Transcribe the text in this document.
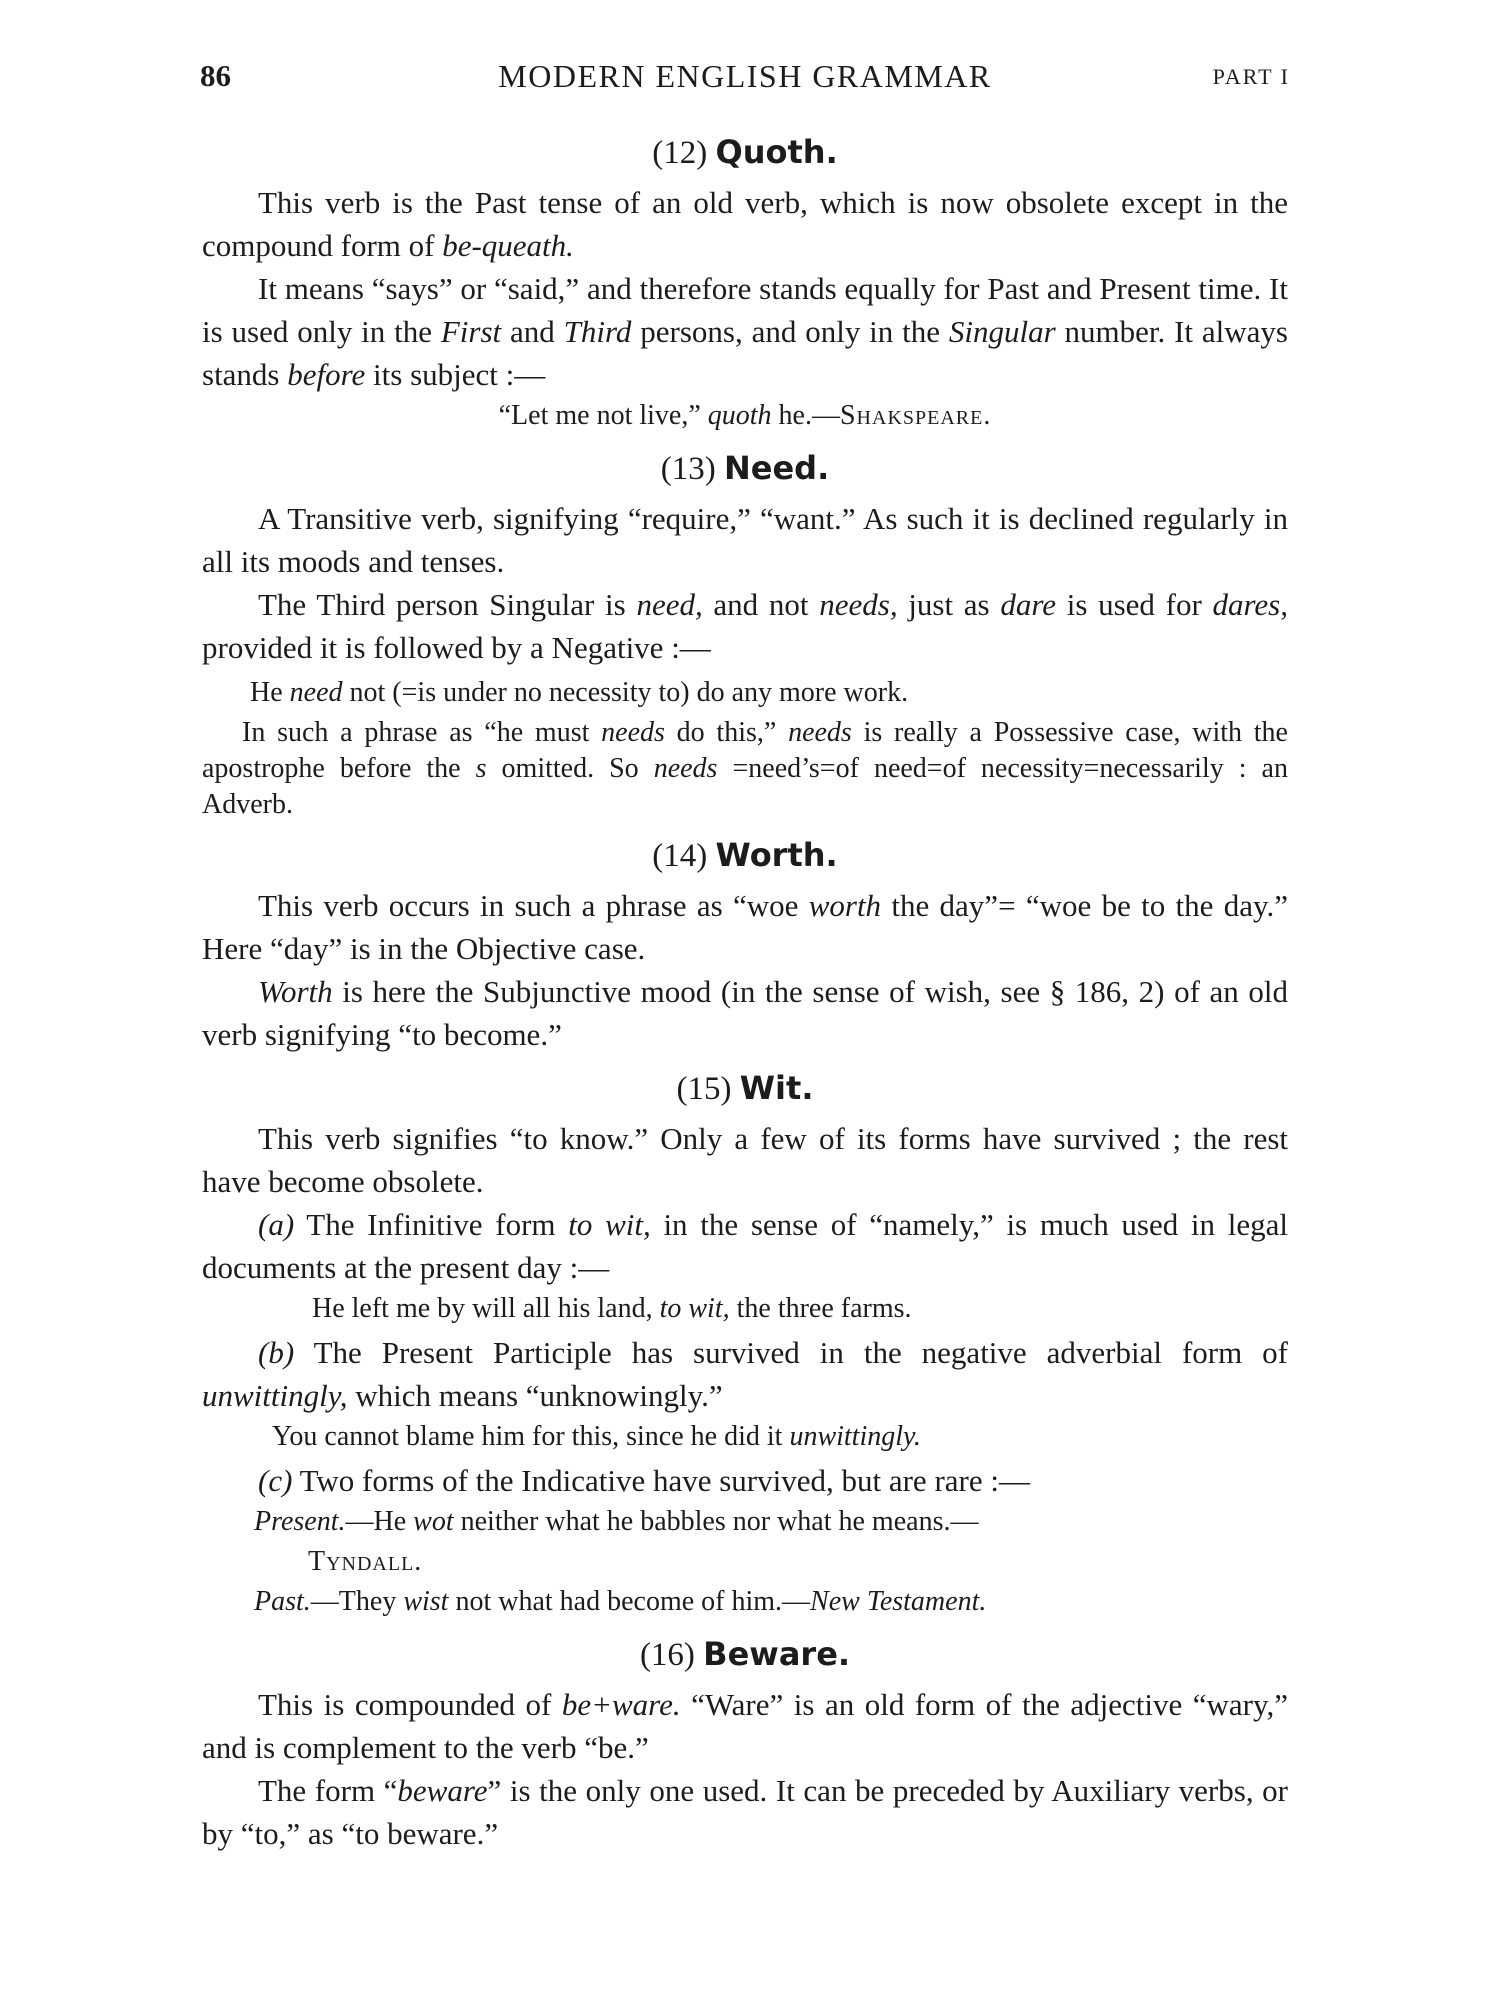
86	MODERN ENGLISH GRAMMAR	PART I
(12) Quoth.

This verb is the Past tense of an old verb, which is now obsolete except in the compound form of be-queath.

It means “says” or “said,” and therefore stands equally for Past and Present time. It is used only in the First and Third persons, and only in the Singular number. It always stands before its subject :—

“Let me not live,” quoth he.—Shakspeare.
(13) Need.

A Transitive verb, signifying “require,” “want.” As such it is declined regularly in all its moods and tenses.

The Third person Singular is need, and not needs, just as dare is used for dares, provided it is followed by a Negative :—

He need not (=is under no necessity to) do any more work.

In such a phrase as “he must needs do this,” needs is really a Possessive case, with the apostrophe before the s omitted. So needs =need’s=of need=of necessity=necessarily : an Adverb.

(14) Worth.

This verb occurs in such a phrase as “woe worth the day”= “woe be to the day.” Here “day” is in the Objective case.

Worth is here the Subjunctive mood (in the sense of wish, see § 186, 2) of an old verb signifying “to become.”

(15) Wit.

This verb signifies “to know.” Only a few of its forms have survived ; the rest have become obsolete.

(a) The Infinitive form to wit, in the sense of “namely,” is much used in legal documents at the present day :—

He left me by will all his land, to wit, the three farms.

(b) The Present Participle has survived in the negative adverbial form of unwittingly, which means “unknowingly.”

You cannot blame him for this, since he did it unwittingly.

(c) Two forms of the Indicative have survived, but are rare :—

Present.—He wot neither what he babbles nor what he means.—
Tyndall.
Past.—They wist not what had become of him.—New Testament.
(16) Beware.

This is compounded of be+ware. “Ware” is an old form of the adjective “wary,” and is complement to the verb “be.”

The form “beware” is the only one used. It can be preceded by Auxiliary verbs, or by “to,” as “to beware.”
